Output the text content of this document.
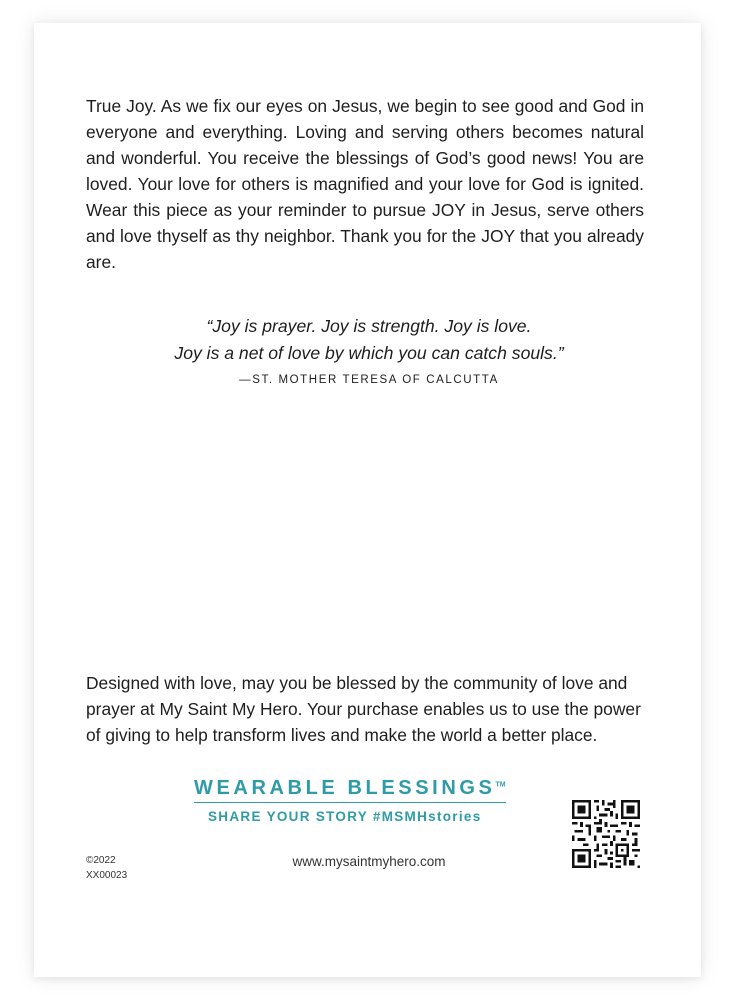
True Joy. As we fix our eyes on Jesus, we begin to see good and God in everyone and everything. Loving and serving others becomes natural and wonderful. You receive the blessings of God’s good news! You are loved. Your love for others is magnified and your love for God is ignited. Wear this piece as your reminder to pursue JOY in Jesus, serve others and love thyself as thy neighbor. Thank you for the JOY that you already are.

“Joy is prayer. Joy is strength. Joy is love.
Joy is a net of love by which you can catch souls.”
—ST. MOTHER TERESA OF CALCUTTA

Designed with love, may you be blessed by the community of love and prayer at My Saint My Hero. Your purchase enables us to use the power of giving to help transform lives and make the world a better place.

WEARABLE BLESSINGS™
SHARE YOUR STORY #MSMHstories
©2022
XX00023
www.mysaintmyhero.com
